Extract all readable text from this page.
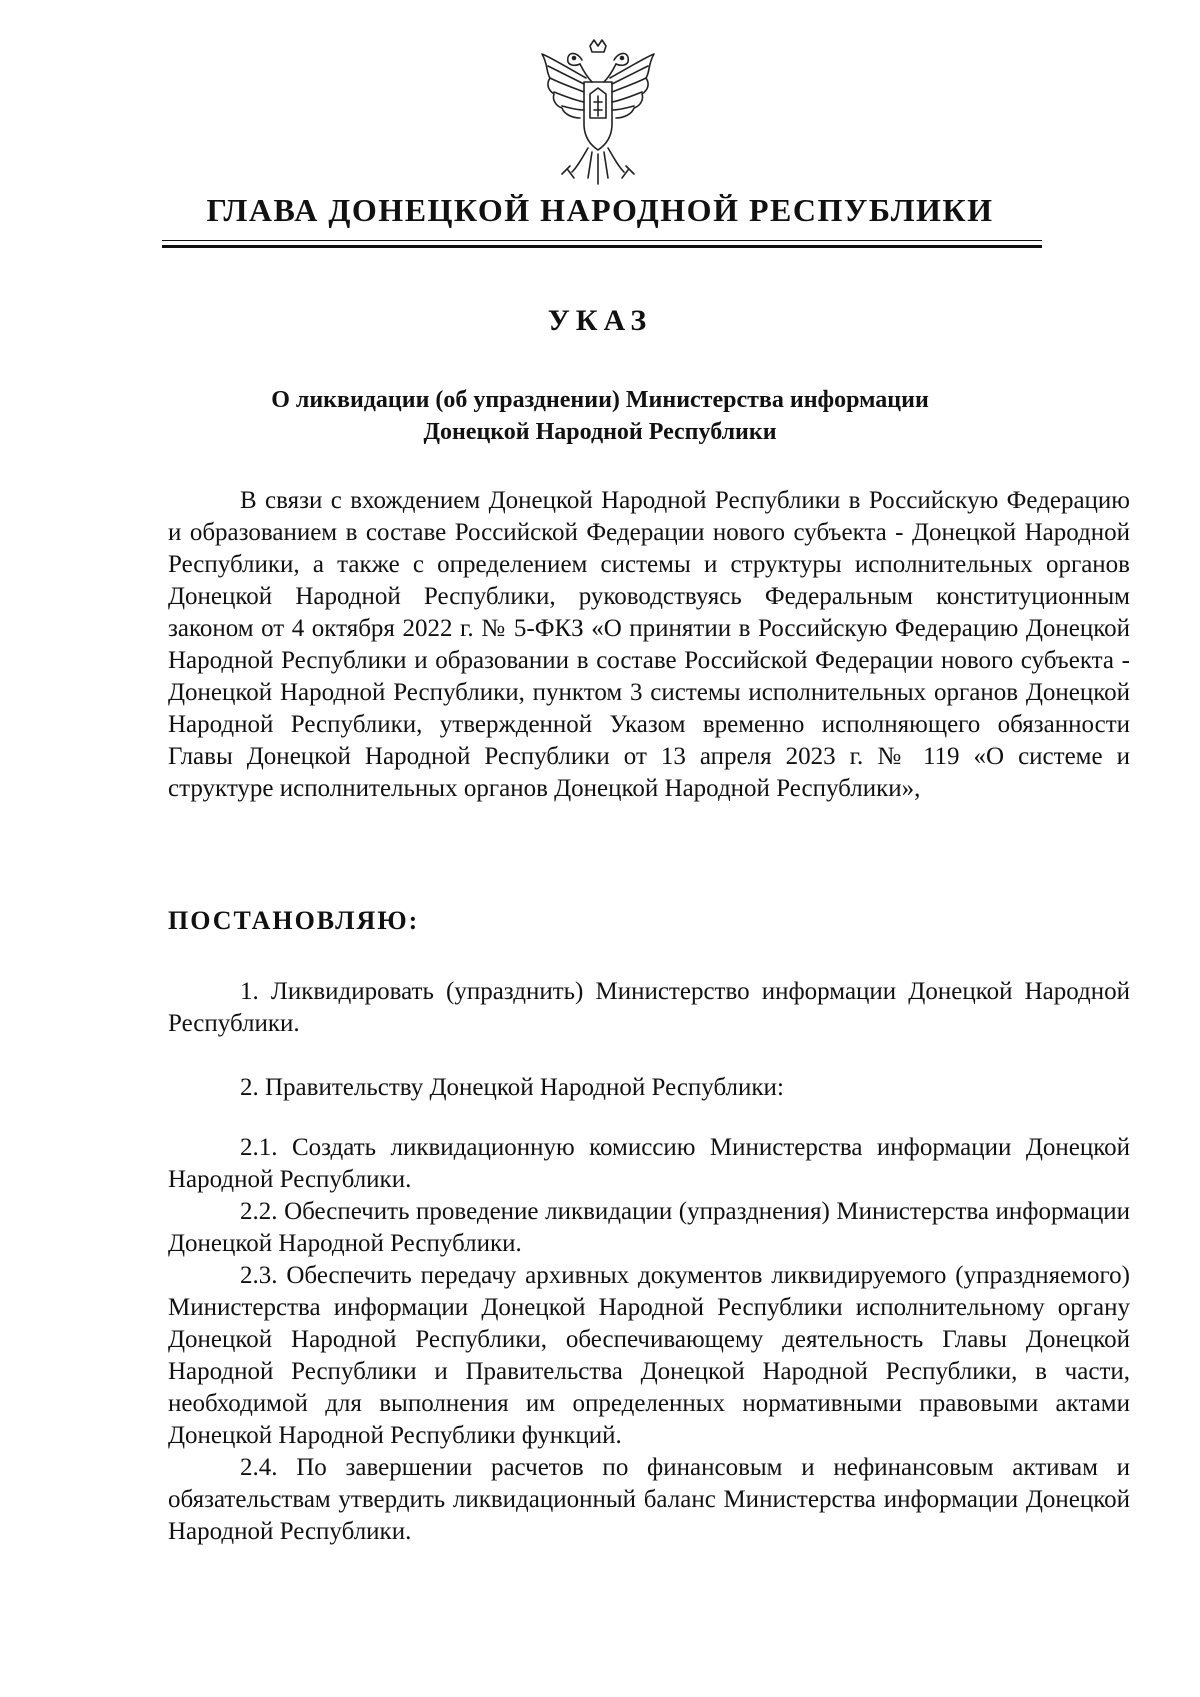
ГЛАВА ДОНЕЦКОЙ НАРОДНОЙ РЕСПУБЛИКИ
УКАЗ

О ликвидации (об упразднении) Министерства информации

Донецкой Народной Республики

В связи с вхождением Донецкой Народной Республики в Российскую Федерацию и образованием в составе Российской Федерации нового субъекта - Донецкой Народной Республики, а также с определением системы и структуры исполнительных органов Донецкой Народной Республики, руководствуясь Федеральным конституционным законом от 4 октября 2022 г. № 5-ФКЗ «О принятии в Российскую Федерацию Донецкой Народной Республики и образовании в составе Российской Федерации нового субъекта - Донецкой Народной Республики, пунктом 3 системы исполнительных органов Донецкой Народной Республики, утвержденной Указом временно исполняющего обязанности Главы Донецкой Народной Республики от 13 апреля 2023 г. № 119 «О системе и структуре исполнительных органов Донецкой Народной Республики»,

ПОСТАНОВЛЯЮ:

1. Ликвидировать (упразднить) Министерство информации Донецкой Народной Республики.

2. Правительству Донецкой Народной Республики:

2.1. Создать ликвидационную комиссию Министерства информации Донецкой Народной Республики.

2.2. Обеспечить проведение ликвидации (упразднения) Министерства информации Донецкой Народной Республики.

2.3. Обеспечить передачу архивных документов ликвидируемого (упраздняемого) Министерства информации Донецкой Народной Республики исполнительному органу Донецкой Народной Республики, обеспечивающему деятельность Главы Донецкой Народной Республики и Правительства Донецкой Народной Республики, в части, необходимой для выполнения им определенных нормативными правовыми актами Донецкой Народной Республики функций.

2.4. По завершении расчетов по финансовым и нефинансовым активам и обязательствам утвердить ликвидационный баланс Министерства информации Донецкой Народной Республики.
